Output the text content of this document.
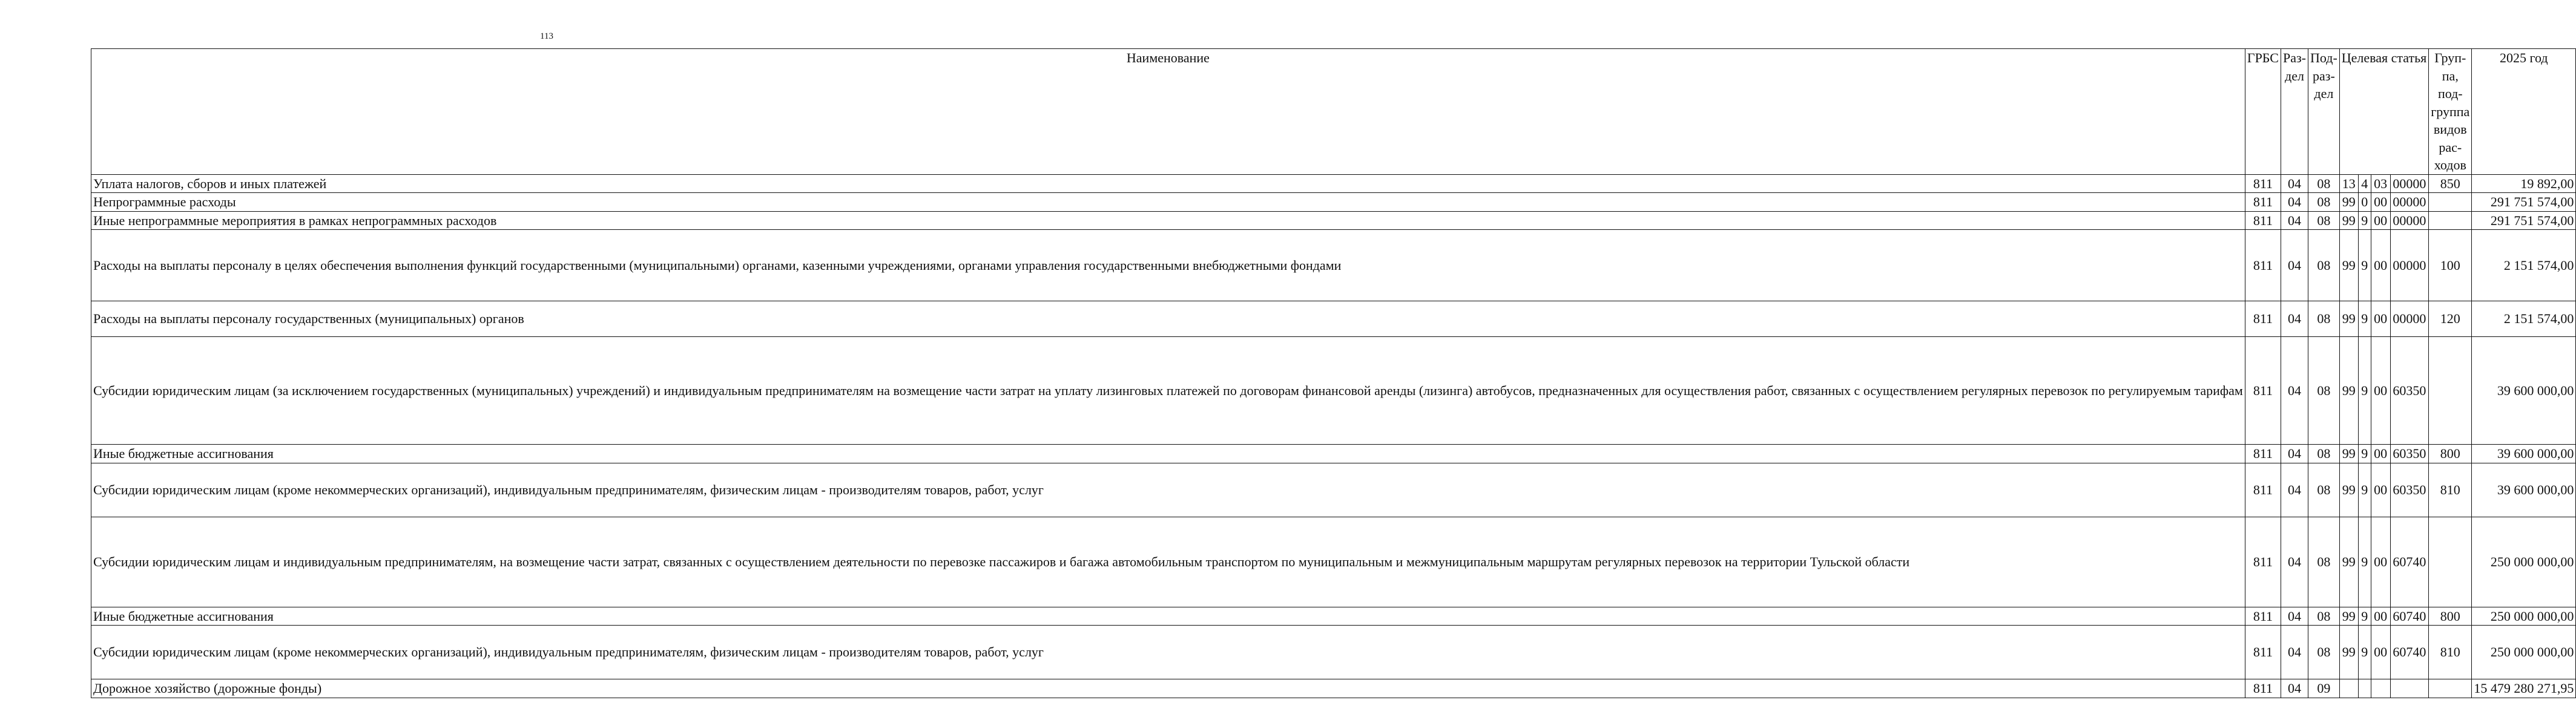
113
Наименование	ГРБС	Раз- дел	Под- раз- дел	Целевая статья				Груп- па, под- группа видов рас- ходов	2025 год
Уплата налогов, сборов и иных платежей	811	04	08	13	4	03	00000	850	19 892,00
Непрограммные расходы	811	04	08	99	0	00	00000		291 751 574,00
Иные непрограммные мероприятия в рамках непрограммных расходов	811	04	08	99	9	00	00000		291 751 574,00
Расходы на выплаты персоналу в целях обеспечения выполнения функций государственными (муниципальными) органами, казенными учреждениями, органами управления государственными внебюджетными фондами	811	04	08	99	9	00	00000	100	2 151 574,00
Расходы на выплаты персоналу государственных (муниципальных) органов	811	04	08	99	9	00	00000	120	2 151 574,00
Субсидии юридическим лицам (за исключением государственных (муниципальных) учреждений) и индивидуальным предпринимателям на возмещение части затрат на уплату лизинговых платежей по договорам финансовой аренды (лизинга) автобусов, предназначенных для осуществления работ, связанных с осуществлением регулярных перевозок по регулируемым тарифам	811	04	08	99	9	00	60350		39 600 000,00
Иные бюджетные ассигнования	811	04	08	99	9	00	60350	800	39 600 000,00
Субсидии юридическим лицам (кроме некоммерческих организаций), индивидуальным предпринимателям, физическим лицам - производителям товаров, работ, услуг	811	04	08	99	9	00	60350	810	39 600 000,00
Субсидии юридическим лицам и индивидуальным предпринимателям, на возмещение части затрат, связанных с осуществлением деятельности по перевозке пассажиров и багажа автомобильным транспортом по муниципальным и межмуниципальным маршрутам регулярных перевозок на территории Тульской области	811	04	08	99	9	00	60740		250 000 000,00
Иные бюджетные ассигнования	811	04	08	99	9	00	60740	800	250 000 000,00
Субсидии юридическим лицам (кроме некоммерческих организаций), индивидуальным предпринимателям, физическим лицам - производителям товаров, работ, услуг	811	04	08	99	9	00	60740	810	250 000 000,00
Дорожное хозяйство (дорожные фонды)	811	04	09						15 479 280 271,95
